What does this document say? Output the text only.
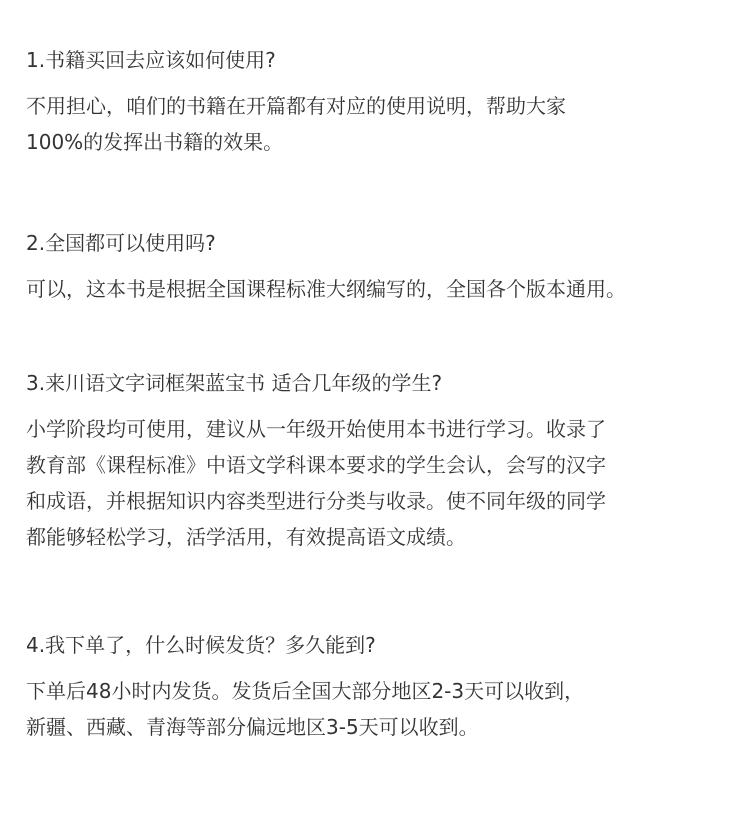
1.书籍买回去应该如何使用?
不用担心，咱们的书籍在开篇都有对应的使用说明，帮助大家
100%的发挥出书籍的效果。
2.全国都可以使用吗?
可以，这本书是根据全国课程标准大纲编写的，全国各个版本通用。
3.来川语文字词框架蓝宝书 适合几年级的学生?
小学阶段均可使用，建议从一年级开始使用本书进行学习。收录了
教育部《课程标准》中语文学科课本要求的学生会认，会写的汉字
和成语，并根据知识内容类型进行分类与收录。使不同年级的同学
都能够轻松学习，活学活用，有效提高语文成绩。
4.我下单了，什么时候发货？多久能到?
下单后48小时内发货。发货后全国大部分地区2-3天可以收到，
新疆、西藏、青海等部分偏远地区3-5天可以收到。
